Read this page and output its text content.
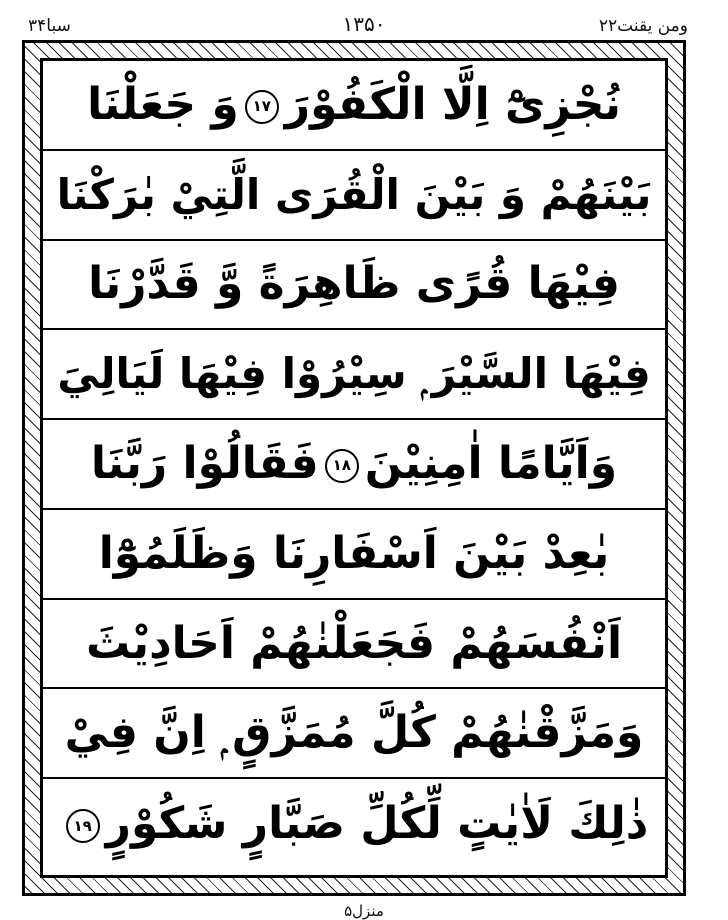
سبا۳۴	۱۳۵۰	ومن یقنت۲۲
نُجْزِیْٓ اِلَّا الْكَفُوْرَ۱۷وَ جَعَلْنَا
بَيْنَهُمْ وَ بَيْنَ الْقُرَى الَّتِيْ بٰرَكْنَا
فِيْهَا قُرًى ظَاهِرَةً وَّ قَدَّرْنَا
فِيْهَا السَّيْرَ ۭ سِيْرُوْا فِيْهَا لَيَالِيَ
وَاَيَّامًا اٰمِنِيْنَ۱۸فَقَالُوْا رَبَّنَا
بٰعِدْ بَيْنَ اَسْفَارِنَا وَظَلَمُوْٓا
اَنْفُسَهُمْ فَجَعَلْنٰهُمْ اَحَادِيْثَ
وَمَزَّقْنٰهُمْ كُلَّ مُمَزَّقٍ ۭ اِنَّ فِيْ
ذٰلِكَ لَاٰيٰتٍ لِّكُلِّ صَبَّارٍ شَكُوْرٍ۱۹
منزل۵
